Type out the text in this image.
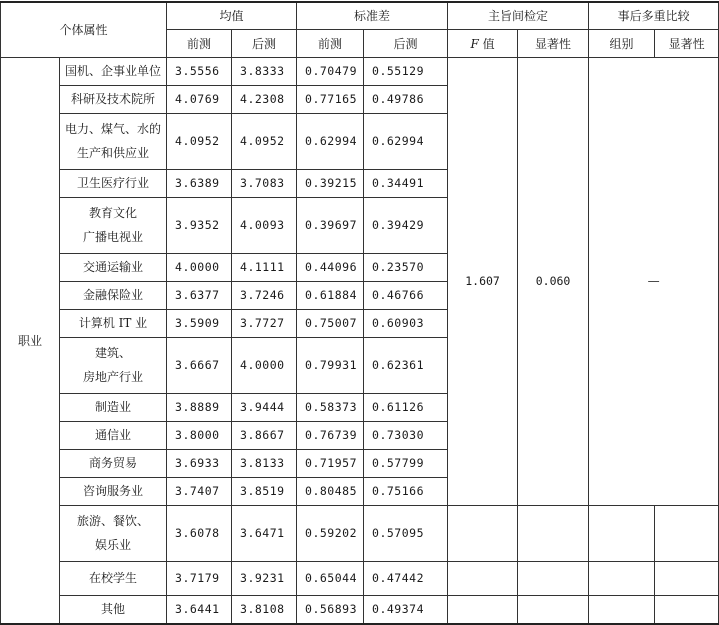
个体属性		均值		标准差		主旨间检定		事后多重比较	
		前测	后测	前测	后测	F 值	显著性	组别	显著性
职业	国机、企事业单位	3.5556	3.8333	0.70479	0.55129	1.607	0.060	—	

	科研及技术院所	4.0769	4.2308	0.77165	0.49786				

	电力、煤气、水的
生产和供应业	4.0952	4.0952	0.62994	0.62994				

	卫生医疗行业	3.6389	3.7083	0.39215	0.34491				

	教育文化
广播电视业	3.9352	4.0093	0.39697	0.39429				

	交通运输业	4.0000	4.1111	0.44096	0.23570				

	金融保险业	3.6377	3.7246	0.61884	0.46766				

	计算机 IT 业	3.5909	3.7727	0.75007	0.60903				

	建筑、
房地产行业	3.6667	4.0000	0.79931	0.62361				

	制造业	3.8889	3.9444	0.58373	0.61126				

	通信业	3.8000	3.8667	0.76739	0.73030				

	商务贸易	3.6933	3.8133	0.71957	0.57799				

	咨询服务业	3.7407	3.8519	0.80485	0.75166				

	旅游、餐饮、
娱乐业	3.6078	3.6471	0.59202	0.57095				

	在校学生	3.7179	3.9231	0.65044	0.47442				

	其他	3.6441	3.8108	0.56893	0.49374				
